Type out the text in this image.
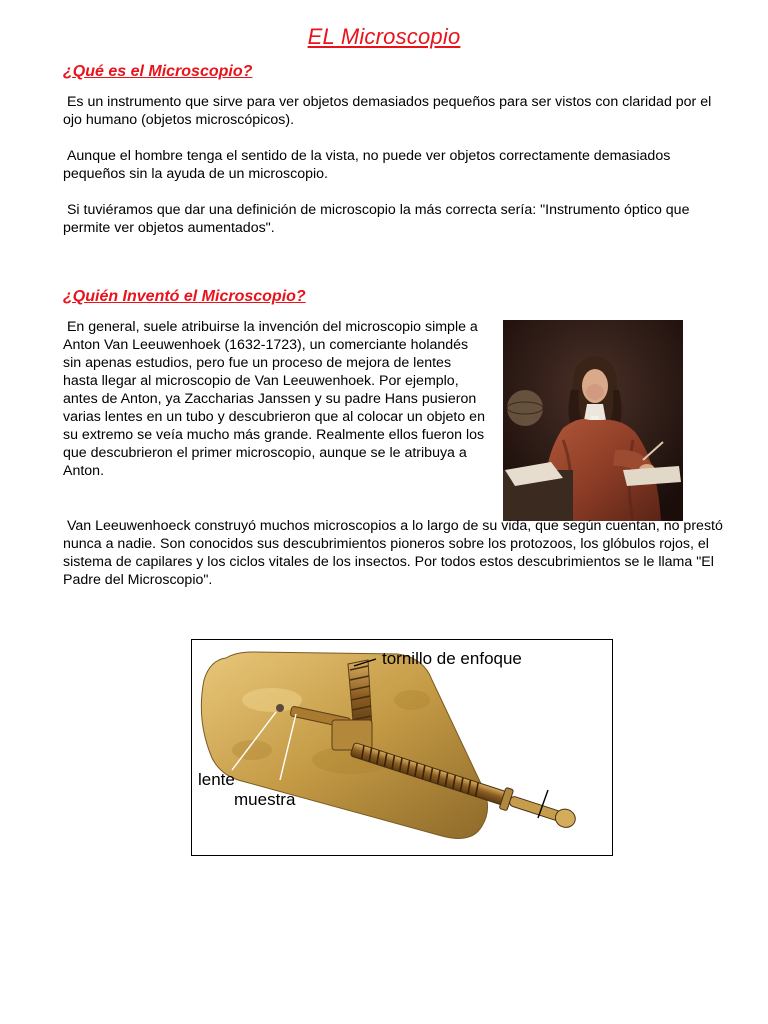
EL Microscopio
¿Qué es el Microscopio?

Es un instrumento que sirve para ver objetos demasiados pequeños para ser vistos con claridad por el ojo humano (objetos microscópicos).

Aunque el hombre tenga el sentido de la vista, no puede ver objetos correctamente demasiados pequeños sin la ayuda de un microscopio.

Si tuviéramos que dar una definición de microscopio la más correcta sería: "Instrumento óptico que permite ver objetos aumentados".

¿Quién Inventó el Microscopio?

En general, suele atribuirse la invención del microscopio simple a Anton Van Leeuwenhoek (1632-1723), un comerciante holandés sin apenas estudios, pero fue un proceso de mejora de lentes hasta llegar al microscopio de Van Leeuwenhoek. Por ejemplo, antes de Anton, ya Zaccharias Janssen y su padre Hans pusieron varias lentes en un tubo y descubrieron que al colocar un objeto en su extremo se veía mucho más grande. Realmente ellos fueron los que descubrieron el primer microscopio, aunque se le atribuya a Anton.

Van Leeuwenhoeck construyó muchos microscopios a lo largo de su vida, que según cuentan, no prestó nunca a nadie. Son conocidos sus descubrimientos pioneros sobre los protozoos, los glóbulos rojos, el sistema de capilares y los ciclos vitales de los insectos. Por todos estos descubrimientos se le llama "El Padre del Microscopio".

tornillo de enfoque
lente
muestra
